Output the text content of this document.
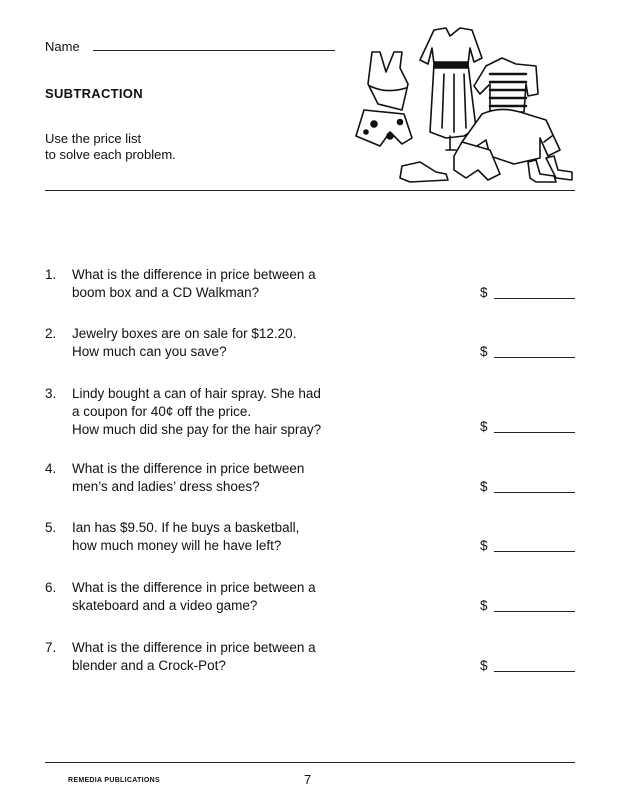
Name
SUBTRACTION
Use the price list
to solve each problem.
1.	What is the difference in price between a
boom box and a CD Walkman?	$
2.	Jewelry boxes are on sale for $12.20.
How much can you save?	$
3.	Lindy bought a can of hair spray. She had
a coupon for 40¢ off the price.
How much did she pay for the hair spray?	$
4.	What is the difference in price between
men’s and ladies’ dress shoes?	$
5.	Ian has $9.50. If he buys a basketball,
how much money will he have left?	$
6.	What is the difference in price between a
skateboard and a video game?	$
7.	What is the difference in price between a
blender and a Crock-Pot?	$
REMEDIA PUBLICATIONS	7
